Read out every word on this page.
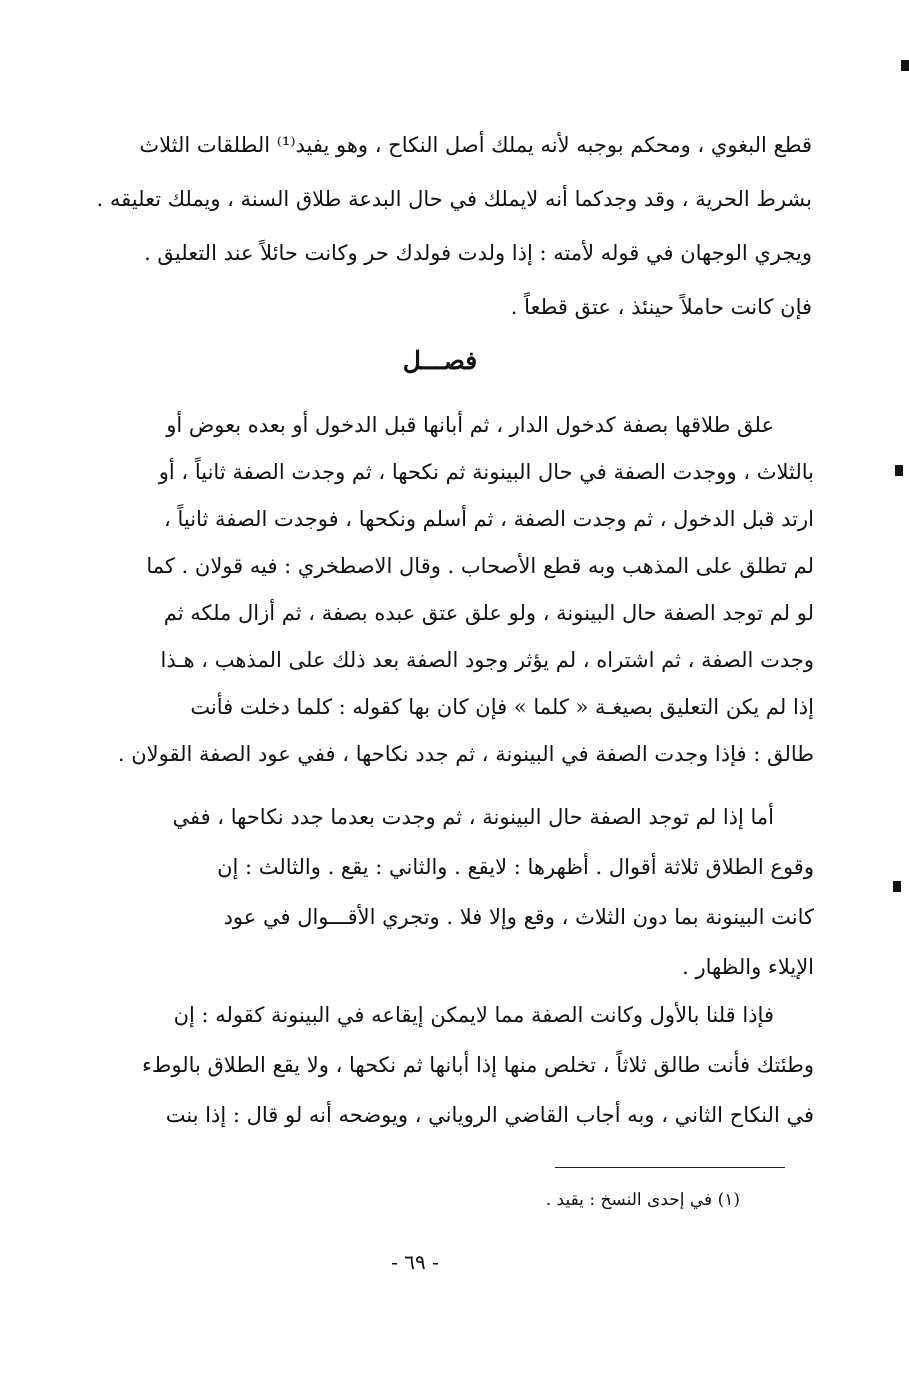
قطع البغوي ، ومحكم بوجبه لأنه يملك أصل النكاح ، وهو يفيد⁽¹⁾ الطلقات الثلاث
بشرط الحرية ، وقد وجدكما أنه لايملك في حال البدعة طلاق السنة ، ويملك تعليقه .
ويجري الوجهان في قوله لأمته : إذا ولدت فولدك حر وكانت حائلاً عند التعليق .
فإن كانت حاملاً حينئذ ، عتق قطعاً .
فصـــل
علق طلاقها بصفة كدخول الدار ، ثم أبانها قبل الدخول أو بعده بعوض أو
بالثلاث ، ووجدت الصفة في حال البينونة ثم نكحها ، ثم وجدت الصفة ثانياً ، أو
ارتد قبل الدخول ، ثم وجدت الصفة ، ثم أسلم ونكحها ، فوجدت الصفة ثانياً ،
لم تطلق على المذهب وبه قطع الأصحاب . وقال الاصطخري : فيه قولان . كما
لو لم توجد الصفة حال البينونة ، ولو علق عتق عبده بصفة ، ثم أزال ملكه ثم
وجدت الصفة ، ثم اشتراه ، لم يؤثر وجود الصفة بعد ذلك على المذهب ، هـذا
إذا لم يكن التعليق بصيغـة « كلما » فإن كان بها كقوله : كلما دخلت فأنت
طالق : فإذا وجدت الصفة في البينونة ، ثم جدد نكاحها ، ففي عود الصفة القولان .
أما إذا لم توجد الصفة حال البينونة ، ثم وجدت بعدما جدد نكاحها ، ففي
وقوع الطلاق ثلاثة أقوال . أظهرها : لايقع . والثاني : يقع . والثالث : إن
كانت البينونة بما دون الثلاث ، وقع وإلا فلا . وتجري الأقـــوال في عود
الإيلاء والظهار .
فإذا قلنا بالأول وكانت الصفة مما لايمكن إيقاعه في البينونة كقوله : إن
وطئتك فأنت طالق ثلاثاً ، تخلص منها إذا أبانها ثم نكحها ، ولا يقع الطلاق بالوطء
في النكاح الثاني ، وبه أجاب القاضي الروياني ، ويوضحه أنه لو قال : إذا بنت
(١) في إحدى النسخ : يقيد .
- ٦٩ -
